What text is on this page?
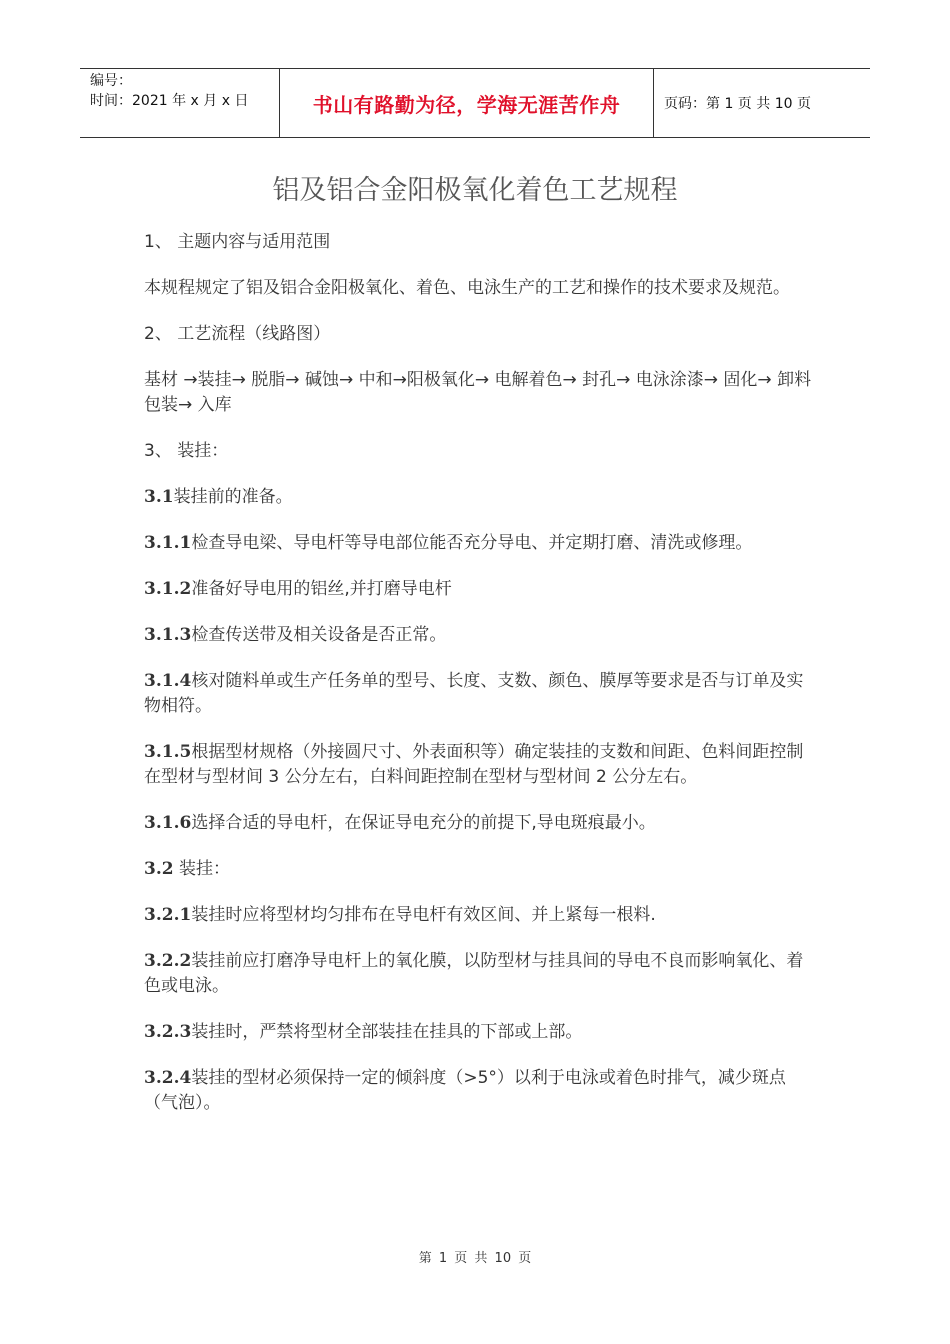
编号：
时间：2021 年 x 月 x 日	书山有路勤为径，学海无涯苦作舟	页码：第 1 页 共 10 页
铝及铝合金阳极氧化着色工艺规程

1、 主题内容与适用范围

本规程规定了铝及铝合金阳极氧化、着色、电泳生产的工艺和操作的技术要求及规范。

2、 工艺流程（线路图）

基材 →装挂→ 脱脂→ 碱蚀→ 中和→阳极氧化→ 电解着色→ 封孔→ 电泳涂漆→ 固化→ 卸料包装→ 入库

3、 装挂：

3.1装挂前的准备。

3.1.1检查导电梁、导电杆等导电部位能否充分导电、并定期打磨、清洗或修理。

3.1.2准备好导电用的铝丝,并打磨导电杆

3.1.3检查传送带及相关设备是否正常。

3.1.4核对随料单或生产任务单的型号、长度、支数、颜色、膜厚等要求是否与订单及实物相符。

3.1.5根据型材规格（外接圆尺寸、外表面积等）确定装挂的支数和间距、色料间距控制在型材与型材间 3 公分左右，白料间距控制在型材与型材间 2 公分左右。

3.1.6选择合适的导电杆，在保证导电充分的前提下,导电斑痕最小。

3.2 装挂：

3.2.1装挂时应将型材均匀排布在导电杆有效区间、并上紧每一根料.

3.2.2装挂前应打磨净导电杆上的氧化膜，以防型材与挂具间的导电不良而影响氧化、着色或电泳。

3.2.3装挂时，严禁将型材全部装挂在挂具的下部或上部。

3.2.4装挂的型材必须保持一定的倾斜度（>5°）以利于电泳或着色时排气，减少斑点（气泡）。

第 1 页 共 10 页
